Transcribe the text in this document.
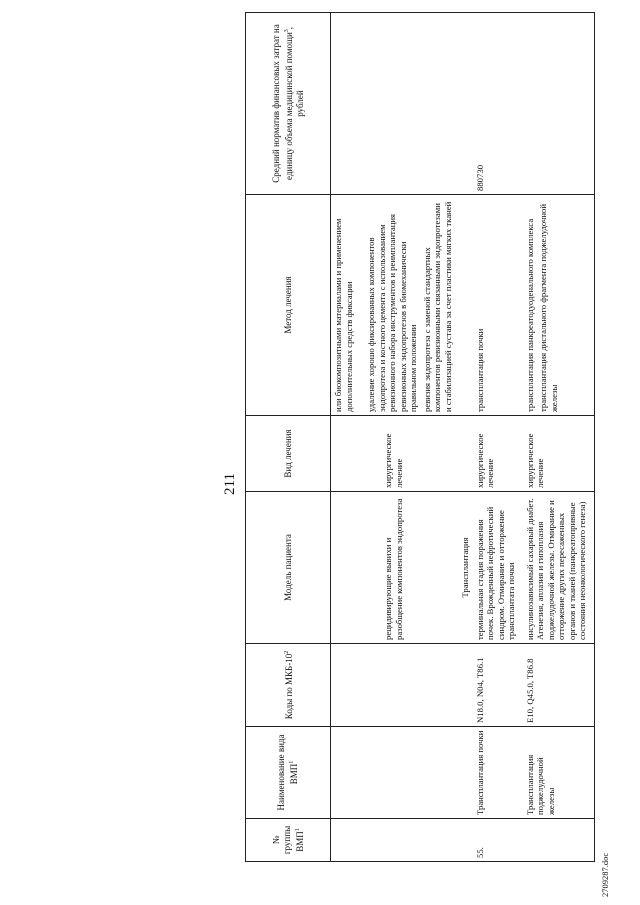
211
№ группы ВМП$^1$	Наименование вида ВМП$^1$	Коды по МКБ-$10^2$	Модель пациента	Вид лечения	Метод лечения	Средний норматив финансовых затрат на единицу объема медицинской помощи$^3$, рублей
			рецидивирующие вывихи и разобщение компонентов эндопротеза	хирургическое лечение	или биокомпозитными материалами и применением дополнительных средств фиксации удаление хорошо фиксированных компонентов эндопротеза и костного цемента с использованием ревизионного набора инструментов и реимплантация ревизионных эндопротезов в биомеханически правильном положении ревизия эндопротеза с заменой стандартных компонентов ревизионными связанными эндопротезами и стабилизацией сустава за счет пластики мягких тканей	

			Трансплантация			
55.	Трансплантация почки	N18.0, N04, T86.1	терминальная стадия поражения почек. Врожденный нефротический синдром. Отмирание и отторжение трансплантата почки	хирургическое лечение	трансплантация почки	880730
	Трансплантация поджелудочной железы	E10, Q45.0, T86.8	инсулинозависимый сахарный диабет. Агенезия, аплазия и гипоплазия поджелудочной железы. Отмирание и отторжение других пересаженных органов и тканей (панкреатопривные состояния неонкологического генеза)	хирургическое лечение	трансплантация панкреатодуоденального комплекса трансплантация дистального фрагмента поджелудочной железы	

2709287.doc
